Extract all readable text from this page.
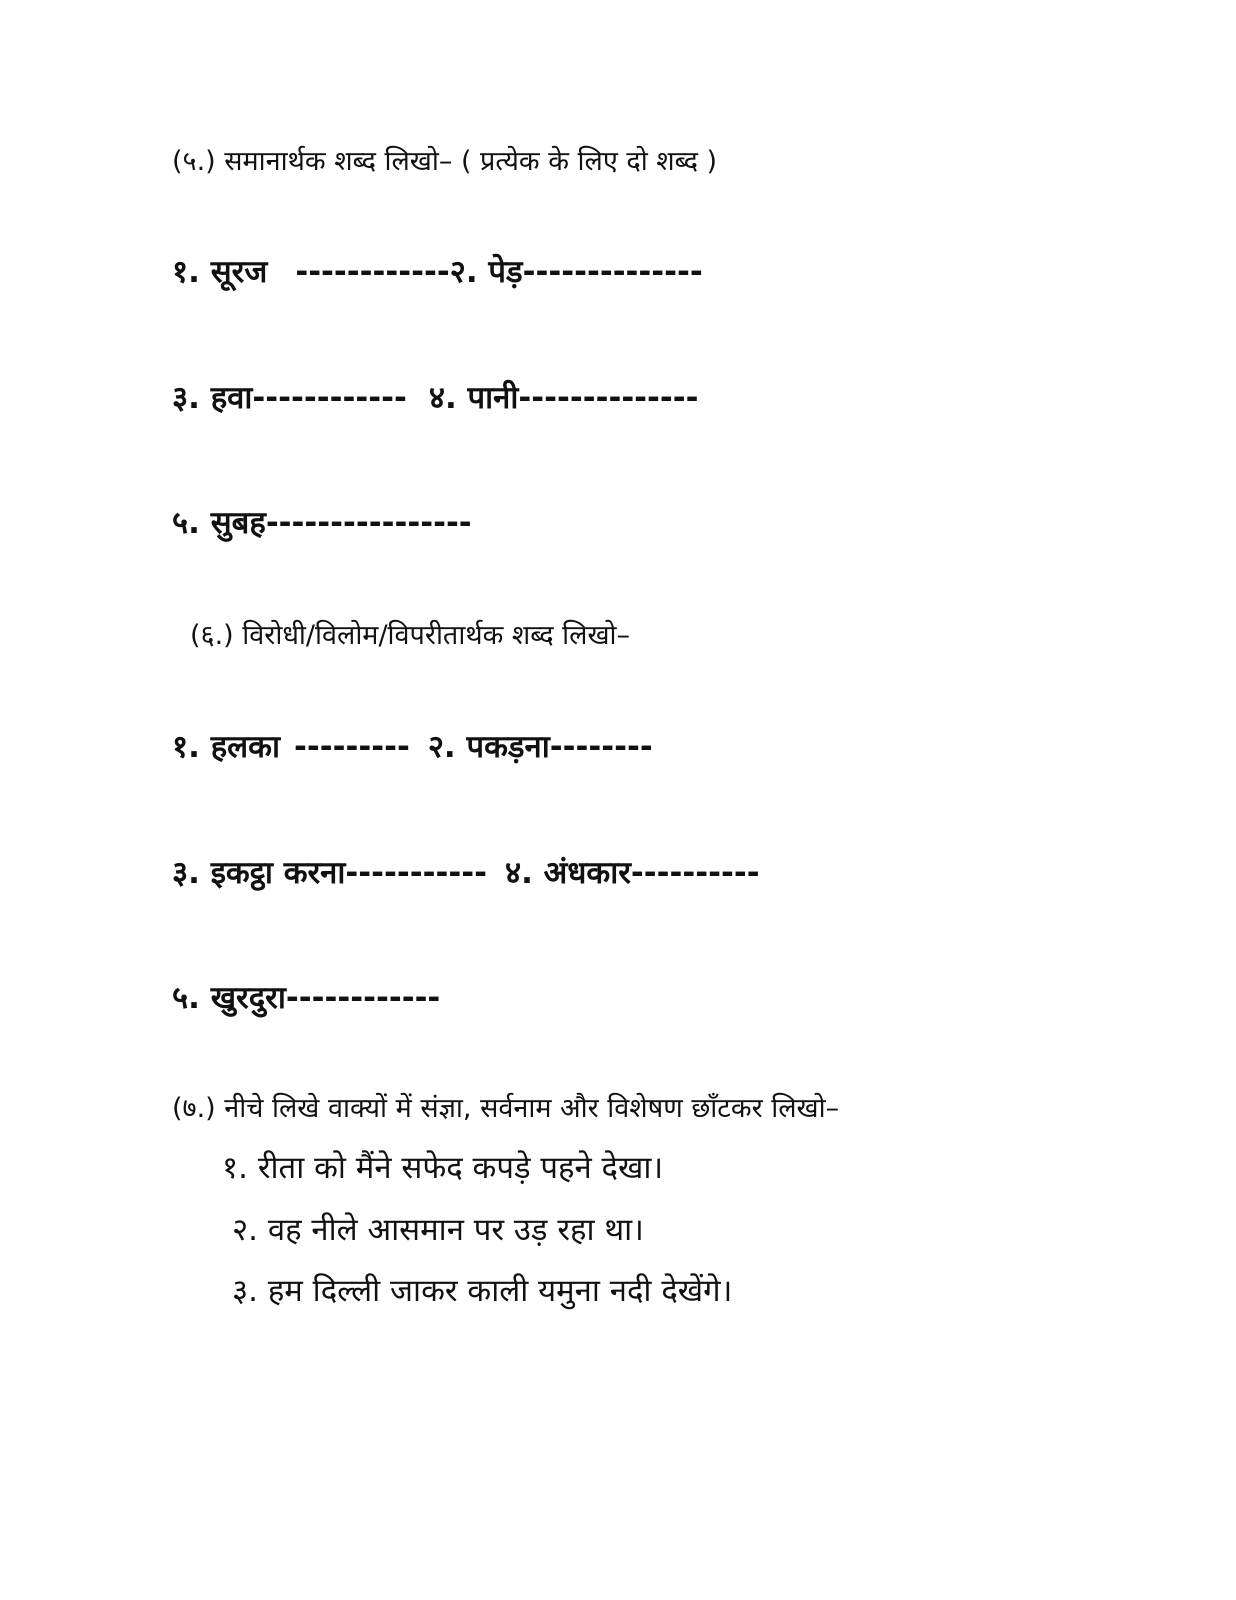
(५.) समानार्थक शब्द लिखो– ( प्रत्येक के लिए दो शब्द )
१. सूरज ------------२. पेड़--------------
३. हवा------------ ४. पानी--------------
५. सुबह----------------
(६.) विरोधी/विलोम/विपरीतार्थक शब्द लिखो–
१. हलका --------- २. पकड़ना--------
३. इकट्ठा करना----------- ४. अंधकार----------
५. खुरदुरा------------
(७.) नीचे लिखे वाक्यों में संज्ञा, सर्वनाम और विशेषण छाँटकर लिखो–
१. रीता को मैंने सफेद कपड़े पहने देखा।
२. वह नीले आसमान पर उड़ रहा था।
३. हम दिल्ली जाकर काली यमुना नदी देखेंगे।
